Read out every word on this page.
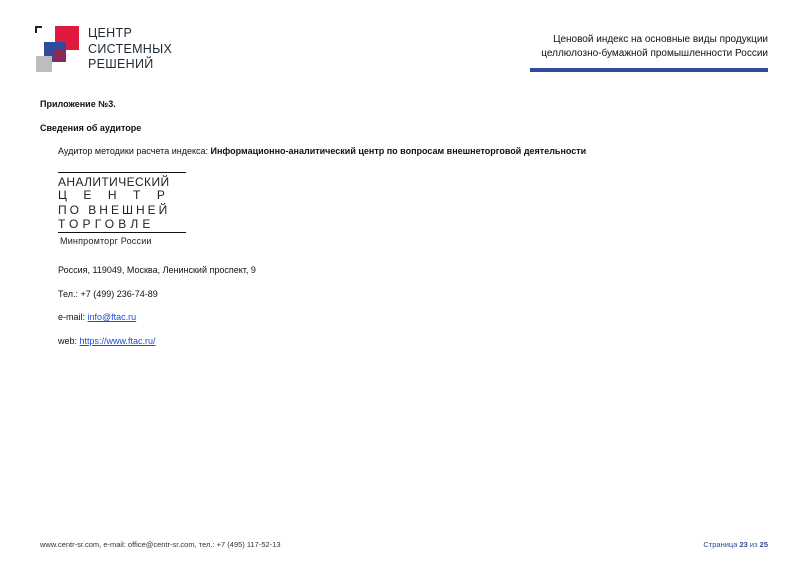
ЦЕНТР
СИСТЕМНЫХ
РЕШЕНИЙ
Ценовой индекс на основные виды продукции
целлюлозно-бумажной промышленности России
Приложение №3.
Сведения об аудиторе
Аудитор методики расчета индекса: Информационно-аналитический центр по вопросам внешнеторговой деятельности
АНАЛИТИЧЕСКИЙ
ЦЕНТР
ПО ВНЕШНЕЙ
ТОРГОВЛЕ
Минпромторг России
Россия, 119049, Москва, Ленинский проспект, 9
Тел.: +7 (499) 236-74-89
e-mail: info@ftac.ru
web: https://www.ftac.ru/
www.centr-sr.com, e-mail: office@centr-sr.com, тел.: +7 (495) 117-52-13	Страница 23 из 25
